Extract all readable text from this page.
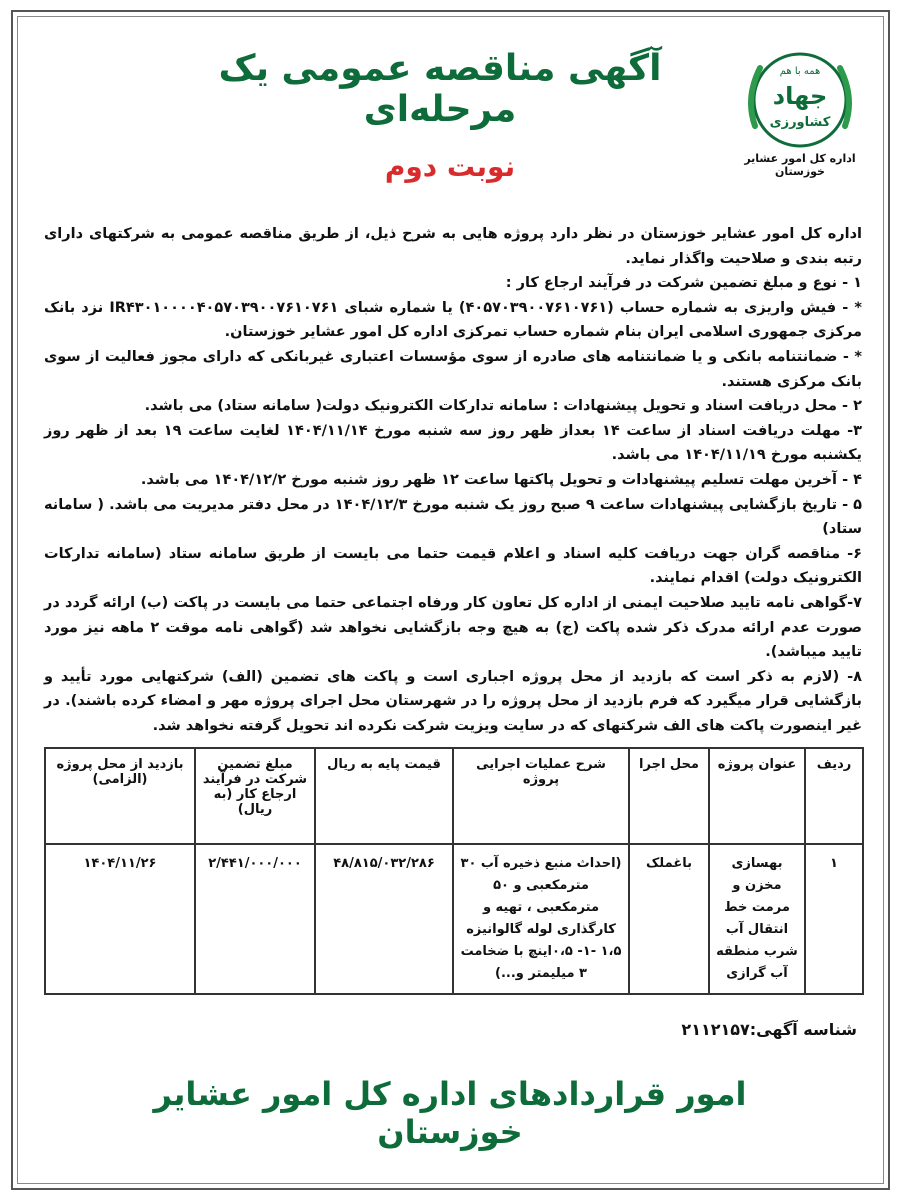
همه با هم
جهاد
کشاورزی
اداره کل امور عشایر خوزستان
آگهی مناقصه عمومی یک مرحله‌ای
نوبت دوم

اداره کل امور عشایر خوزستان در نظر دارد پروژه هایی به شرح ذیل، از طریق مناقصه عمومی به شرکتهای دارای رتبه بندی و صلاحیت واگذار نماید.

۱ - نوع و مبلغ تضمین شرکت در فرآیند ارجاع کار :

* - فیش واریزی به شماره حساب (۴۰۵۷۰۳۹۰۰۷۶۱۰۷۶۱) یا شماره شبای IR۴۳۰۱۰۰۰۰۴۰۵۷۰۳۹۰۰۷۶۱۰۷۶۱ نزد بانک مرکزی جمهوری اسلامی ایران بنام شماره حساب تمرکزی اداره کل امور عشایر خوزستان.

* - ضمانتنامه بانکی و یا ضمانتنامه های صادره از سوی مؤسسات اعتباری غیربانکی که دارای مجوز فعالیت از سوی بانک مرکزی هستند.

۲ - محل دریافت اسناد و تحویل پیشنهادات : سامانه تدارکات الکترونیک دولت( سامانه ستاد) می باشد.

۳- مهلت دریافت اسناد از ساعت ۱۴ بعداز ظهر روز سه شنبه مورخ ۱۴۰۴/۱۱/۱۴ لغایت ساعت ۱۹ بعد از ظهر روز یکشنبه مورخ ۱۴۰۴/۱۱/۱۹ می باشد.

۴ - آخرین مهلت تسلیم پیشنهادات و تحویل پاکتها ساعت ۱۲ ظهر روز شنبه مورخ ۱۴۰۴/۱۲/۲ می باشد.

۵ - تاریخ بازگشایی پیشنهادات ساعت ۹ صبح روز یک شنبه مورخ ۱۴۰۴/۱۲/۳ در محل دفتر مدیریت می باشد. ( سامانه ستاد)

۶- مناقصه گران جهت دریافت کلیه اسناد و اعلام قیمت حتما می بایست از طریق سامانه ستاد (سامانه تدارکات الکترونیک دولت) اقدام نمایند.

۷-گواهی نامه تایید صلاحیت ایمنی از اداره کل تعاون کار ورفاه اجتماعی حتما می بایست در پاکت (ب) ارائه گردد در صورت عدم ارائه مدرک ذکر شده پاکت (ج) به هیچ وجه بازگشایی نخواهد شد (گواهی نامه موقت ۲ ماهه نیز مورد تایید میباشد).

۸- (لازم به ذکر است که بازدید از محل پروژه اجباری است و پاکت های تضمین (الف) شرکتهایی مورد تأیید و بازگشایی قرار میگیرد که فرم بازدید از محل پروژه را در شهرستان محل اجرای پروژه مهر و امضاء کرده باشند). در غیر اینصورت پاکت های الف شرکتهای که در سایت ویزیت شرکت نکرده اند تحویل گرفته نخواهد شد.

ردیف	عنوان پروژه	محل اجرا	شرح عملیات اجرایی پروژه	قیمت پایه به ریال	مبلغ تضمین شرکت در فرآیند ارجاع کار (به ریال)	بازدید از محل پروژه (الزامی)
۱	بهسازی مخزن و مرمت خط انتقال آب شرب منطقه آب گرازی	باغملک	(احداث منبع ذخیره آب ۳۰ مترمکعبی و ۵۰ مترمکعبی ، تهیه و کارگذاری لوله گالوانیزه ۱،۵ -۱- ۰،۵اینچ با ضخامت ۳ میلیمتر و...)	۴۸/۸۱۵/۰۳۲/۲۸۶	۲/۴۴۱/۰۰۰/۰۰۰	۱۴۰۴/۱۱/۲۶
شناسه آگهی:۲۱۱۲۱۵۷
امور قراردادهای اداره کل امور عشایر خوزستان
